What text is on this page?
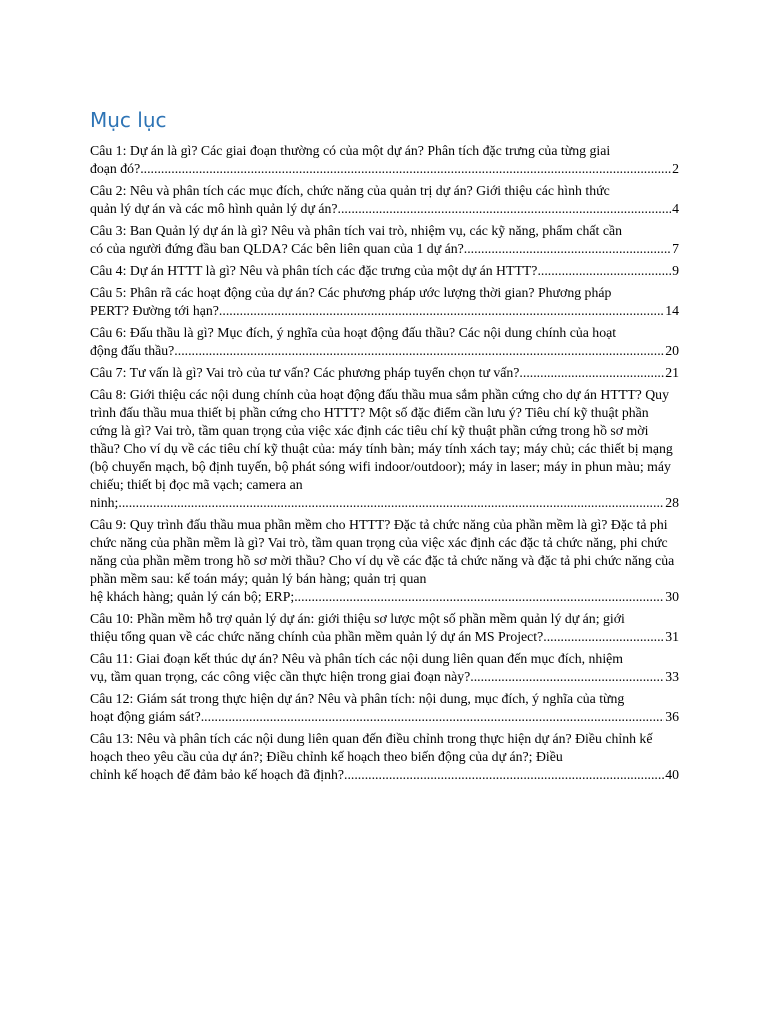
Mục lục
Câu 1: Dự án là gì? Các giai đoạn thường có của một dự án? Phân tích đặc trưng của từng giai
đoạn đó? .....	2
Câu 2: Nêu và phân tích các mục đích, chức năng của quản trị dự án? Giới thiệu các hình thức
quản lý dự án và các mô hình quản lý dự án? .....	4
Câu 3: Ban Quản lý dự án là gì? Nêu và phân tích vai trò, nhiệm vụ, các kỹ năng, phẩm chất cần
có của người đứng đầu ban QLDA? Các bên liên quan của 1 dự án? .....	7
Câu 4: Dự án HTTT là gì? Nêu và phân tích các đặc trưng của một dự án HTTT? .....	9
Câu 5: Phân rã các hoạt động của dự án? Các phương pháp ước lượng thời gian? Phương pháp
PERT? Đường tới hạn? .....	14
Câu 6: Đấu thầu là gì? Mục đích, ý nghĩa của hoạt động đấu thầu? Các nội dung chính của hoạt
động đấu thầu? .....	20
Câu 7: Tư vấn là gì? Vai trò của tư vấn? Các phương pháp tuyển chọn tư vấn? .....	21
Câu 8: Giới thiệu các nội dung chính của hoạt động đấu thầu mua sắm phần cứng cho dự án HTTT? Quy trình đấu thầu mua thiết bị phần cứng cho HTTT? Một số đặc điểm cần lưu ý? Tiêu chí kỹ thuật phần cứng là gì? Vai trò, tầm quan trọng của việc xác định các tiêu chí kỹ thuật phần cứng trong hồ sơ mời thầu? Cho ví dụ về các tiêu chí kỹ thuật của: máy tính bàn; máy tính xách tay; máy chủ; các thiết bị mạng (bộ chuyển mạch, bộ định tuyến, bộ phát sóng wifi indoor/outdoor); máy in laser; máy in phun màu; máy chiếu; thiết bị đọc mã vạch; camera an
ninh; .....	28
Câu 9: Quy trình đấu thầu mua phần mềm cho HTTT? Đặc tả chức năng của phần mềm là gì? Đặc tả phi chức năng của phần mềm là gì? Vai trò, tầm quan trọng của việc xác định các đặc tả chức năng, phi chức năng của phần mềm trong hồ sơ mời thầu? Cho ví dụ về các đặc tả chức năng và đặc tả phi chức năng của phần mềm sau: kế toán máy; quản lý bán hàng; quản trị quan
hệ khách hàng; quản lý cán bộ; ERP; .....	30
Câu 10: Phần mềm hỗ trợ quản lý dự án: giới thiệu sơ lược một số phần mềm quản lý dự án; giới
thiệu tổng quan về các chức năng chính của phần mềm quản lý dự án MS Project? .....	31
Câu 11: Giai đoạn kết thúc dự án? Nêu và phân tích các nội dung liên quan đến mục đích, nhiệm
vụ, tầm quan trọng, các công việc cần thực hiện trong giai đoạn này? .....	33
Câu 12: Giám sát trong thực hiện dự án? Nêu và phân tích: nội dung, mục đích, ý nghĩa của từng
hoạt động giám sát? .....	36
Câu 13: Nêu và phân tích các nội dung liên quan đến điều chỉnh trong thực hiện dự án? Điều chỉnh kế hoạch theo yêu cầu của dự án?; Điều chỉnh kế hoạch theo biến động của dự án?; Điều
chỉnh kế hoạch để đảm bảo kế hoạch đã định? .....	40
